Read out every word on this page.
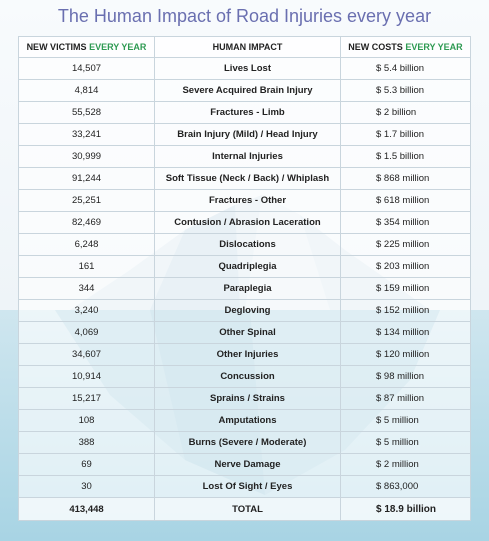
The Human Impact of Road Injuries every year
NEW VICTIMS EVERY YEAR	HUMAN IMPACT	NEW COSTS EVERY YEAR
14,507	Lives Lost	$ 5.4 billion
4,814	Severe Acquired Brain Injury	$ 5.3 billion
55,528	Fractures - Limb	$ 2 billion
33,241	Brain Injury (Mild) / Head Injury	$ 1.7 billion
30,999	Internal Injuries	$ 1.5 billion
91,244	Soft Tissue (Neck / Back) / Whiplash	$ 868 million
25,251	Fractures - Other	$ 618 million
82,469	Contusion / Abrasion Laceration	$ 354 million
6,248	Dislocations	$ 225 million
161	Quadriplegia	$ 203 million
344	Paraplegia	$ 159 million
3,240	Degloving	$ 152 million
4,069	Other Spinal	$ 134 million
34,607	Other Injuries	$ 120 million
10,914	Concussion	$ 98 million
15,217	Sprains / Strains	$ 87 million
108	Amputations	$ 5 million
388	Burns (Severe / Moderate)	$ 5 million
69	Nerve Damage	$ 2 million
30	Lost Of Sight / Eyes	$ 863,000
413,448	TOTAL	$ 18.9 billion
